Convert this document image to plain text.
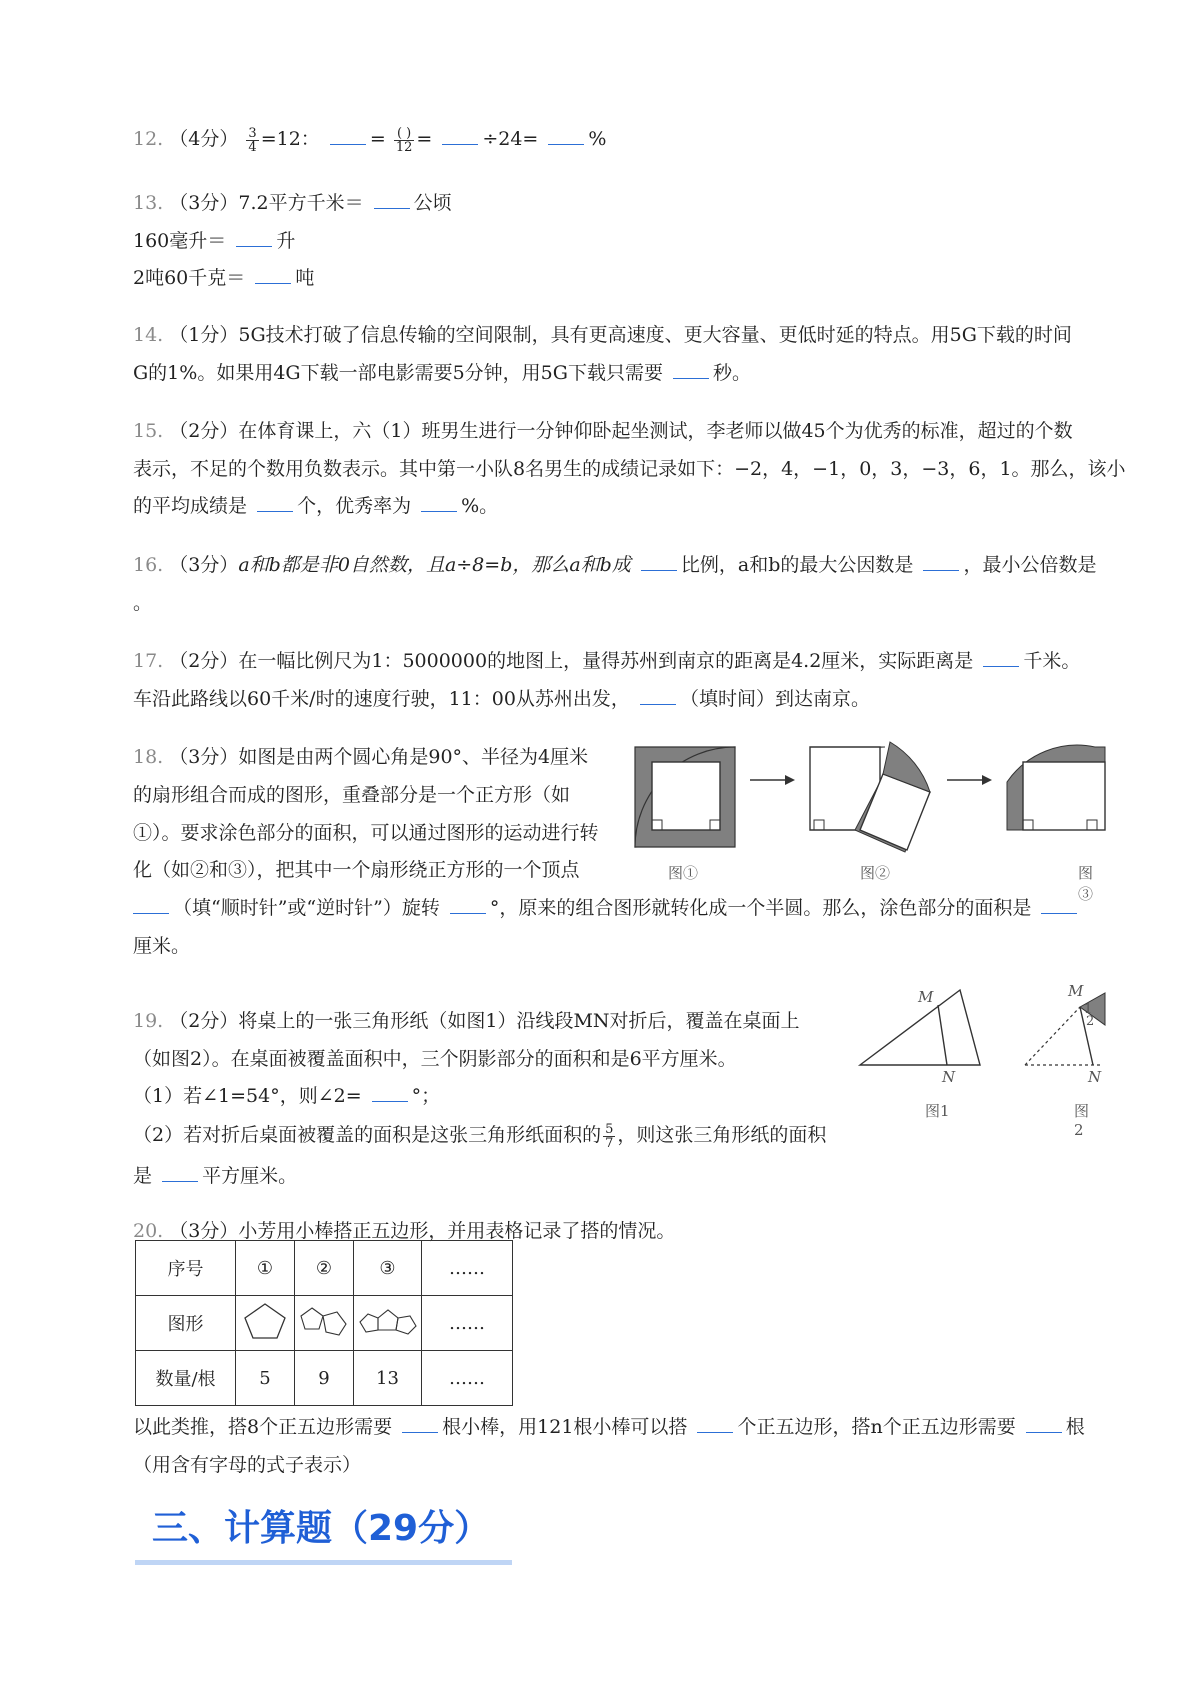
12. （4分） $\frac{3}{4} =12$：	= $\frac{( )}{12}$ =	÷24=	%
13. （3分）7.2平方千米＝	公顷
160毫升＝	升
2吨60千克＝	吨
14. （1分）5G技术打破了信息传输的空间限制，具有更高速度、更大容量、更低时延的特点。用5G下载的时间
G的1%。如果用4G下载一部电影需要5分钟，用5G下载只需要	秒。
15. （2分）在体育课上，六（1）班男生进行一分钟仰卧起坐测试，李老师以做45个为优秀的标准，超过的个数
表示，不足的个数用负数表示。其中第一小队8名男生的成绩记录如下：−2，4，−1，0，3，−3，6，1。那么，该小
的平均成绩是	个，优秀率为	%。
16. （3分）a和b都是非0自然数，且a÷8=b，那么a和b成	比例，a和b的最大公因数是	，最小公倍数是
。
17. （2分）在一幅比例尺为1：5000000的地图上，量得苏州到南京的距离是4.2厘米，实际距离是	千米。
车沿此路线以60千米/时的速度行驶，11：00从苏州出发，	（填时间）到达南京。
18. （3分）如图是由两个圆心角是90°、半径为4厘米
的扇形组合而成的图形，重叠部分是一个正方形（如
①）。要求涂色部分的面积，可以通过图形的运动进行转
化（如②和③），把其中一个扇形绕正方形的一个顶点
（填“顺时针”或“逆时针”）旋转	°，原来的组合图形就转化成一个半圆。那么，涂色部分的面积是
厘米。
图①	图②	图③
19. （2分）将桌上的一张三角形纸（如图1）沿线段MN对折后，覆盖在桌面上
（如图2）。在桌面被覆盖面积中，三个阴影部分的面积和是6平方厘米。
（1）若∠1=54°，则∠2=	°；
（2）若对折后桌面被覆盖的面积是这张三角形纸面积的 $\frac{5}{7}$ ，则这张三角形纸的面积
是	平方厘米。
M
N
M
N
1
2
图1	图2
20. （3分）小芳用小棒搭正五边形，并用表格记录了搭的情况。
序号	①	②	③	……
图形				……
数量/根	5	9	13	……
以此类推，搭8个正五边形需要	根小棒，用121根小棒可以搭	个正五边形，搭n个正五边形需要	根
（用含有字母的式子表示）
三、计算题（29分）
